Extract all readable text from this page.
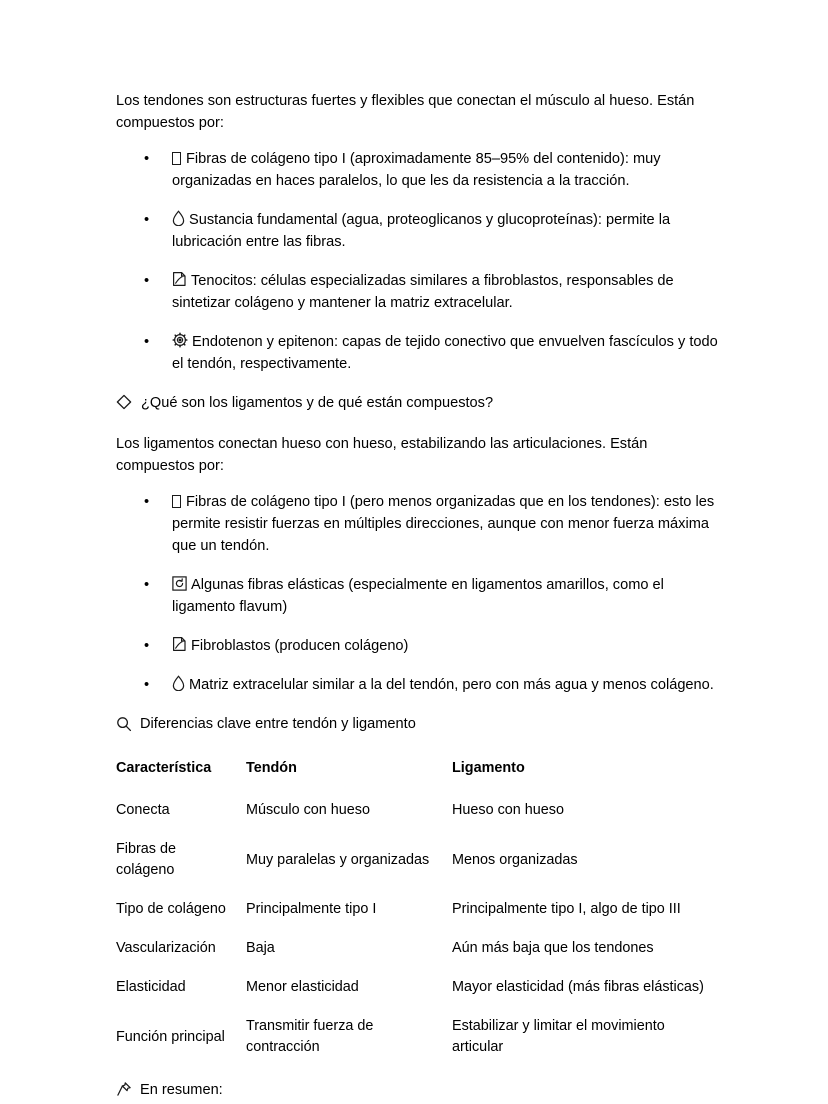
Los tendones son estructuras fuertes y flexibles que conectan el músculo al hueso. Están compuestos por:

•	Fibras de colágeno tipo I (aproximadamente 85–95% del contenido): muy organizadas en haces paralelos, lo que les da resistencia a la tracción.
•	Sustancia fundamental (agua, proteoglicanos y glucoproteínas): permite la lubricación entre las fibras.
•	Tenocitos: células especializadas similares a fibroblastos, responsables de sintetizar colágeno y mantener la matriz extracelular.
•	Endotenon y epitenon: capas de tejido conectivo que envuelven fascículos y todo el tendón, respectivamente.
¿Qué son los ligamentos y de qué están compuestos?

Los ligamentos conectan hueso con hueso, estabilizando las articulaciones. Están compuestos por:

•	Fibras de colágeno tipo I (pero menos organizadas que en los tendones): esto les permite resistir fuerzas en múltiples direcciones, aunque con menor fuerza máxima que un tendón.
•	Algunas fibras elásticas (especialmente en ligamentos amarillos, como el ligamento flavum)
•	Fibroblastos (producen colágeno)
•	Matriz extracelular similar a la del tendón, pero con más agua y menos colágeno.
Diferencias clave entre tendón y ligamento
Característica	Tendón	Ligamento
Conecta	Músculo con hueso	Hueso con hueso
Fibras de colágeno	Muy paralelas y organizadas	Menos organizadas
Tipo de colágeno	Principalmente tipo I	Principalmente tipo I, algo de tipo III
Vascularización	Baja	Aún más baja que los tendones
Elasticidad	Menor elasticidad	Mayor elasticidad (más fibras elásticas)
Función principal	Transmitir fuerza de contracción	Estabilizar y limitar el movimiento articular
En resumen:
